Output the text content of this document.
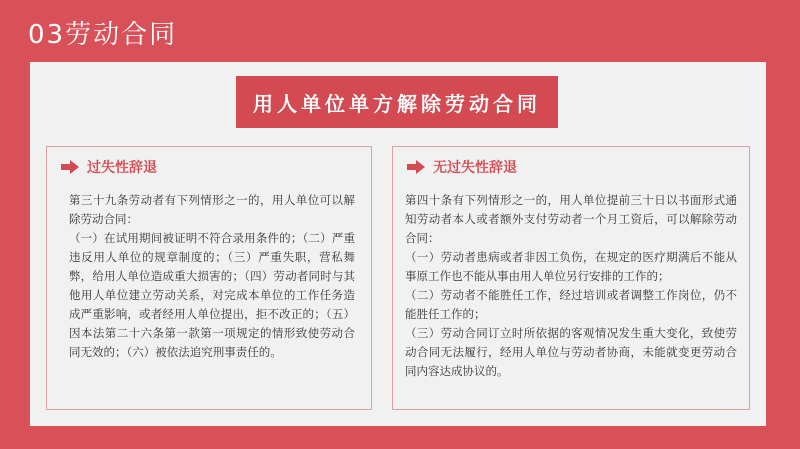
03劳动合同
用人单位单方解除劳动合同
过失性辞退

第三十九条劳动者有下列情形之一的，用人单位可以解除劳动合同：

（一）在试用期间被证明不符合录用条件的；（二）严重违反用人单位的规章制度的；（三）严重失职，营私舞弊，给用人单位造成重大损害的；（四）劳动者同时与其他用人单位建立劳动关系，对完成本单位的工作任务造成严重影响，或者经用人单位提出，拒不改正的；（五）因本法第二十六条第一款第一项规定的情形致使劳动合同无效的；（六）被依法追究刑事责任的。

无过失性辞退

第四十条有下列情形之一的，用人单位提前三十日以书面形式通知劳动者本人或者额外支付劳动者一个月工资后，可以解除劳动合同：

（一）劳动者患病或者非因工负伤，在规定的医疗期满后不能从事原工作也不能从事由用人单位另行安排的工作的；

（二）劳动者不能胜任工作，经过培训或者调整工作岗位，仍不能胜任工作的；

（三）劳动合同订立时所依据的客观情况发生重大变化，致使劳动合同无法履行，经用人单位与劳动者协商，未能就变更劳动合同内容达成协议的。
